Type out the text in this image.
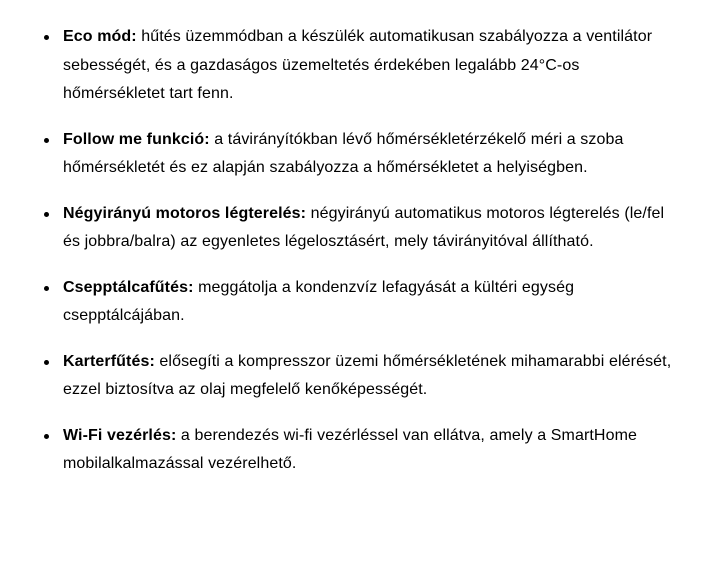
Eco mód: hűtés üzemmódban a készülék automatikusan szabályozza a ventilátor sebességét, és a gazdaságos üzemeltetés érdekében legalább 24°C-os hőmérsékletet tart fenn.

Follow me funkció: a távirányítókban lévő hőmérsékletérzékelő méri a szoba hőmérsékletét és ez alapján szabályozza a hőmérsékletet a helyiségben.

Négyirányú motoros légterelés: négyirányú automatikus motoros légterelés (le/fel és jobbra/balra) az egyenletes légelosztásért, mely távirányitóval állítható.

Csepptálcafűtés: meggátolja a kondenzvíz lefagyását a kültéri egység csepptálcájában.

Karterfűtés: elősegíti a kompresszor üzemi hőmérsékletének mihamarabbi elérését, ezzel biztosítva az olaj megfelelő kenőképességét.

Wi-Fi vezérlés: a berendezés wi-fi vezérléssel van ellátva, amely a SmartHome mobilalkalmazással vezérelhető.
